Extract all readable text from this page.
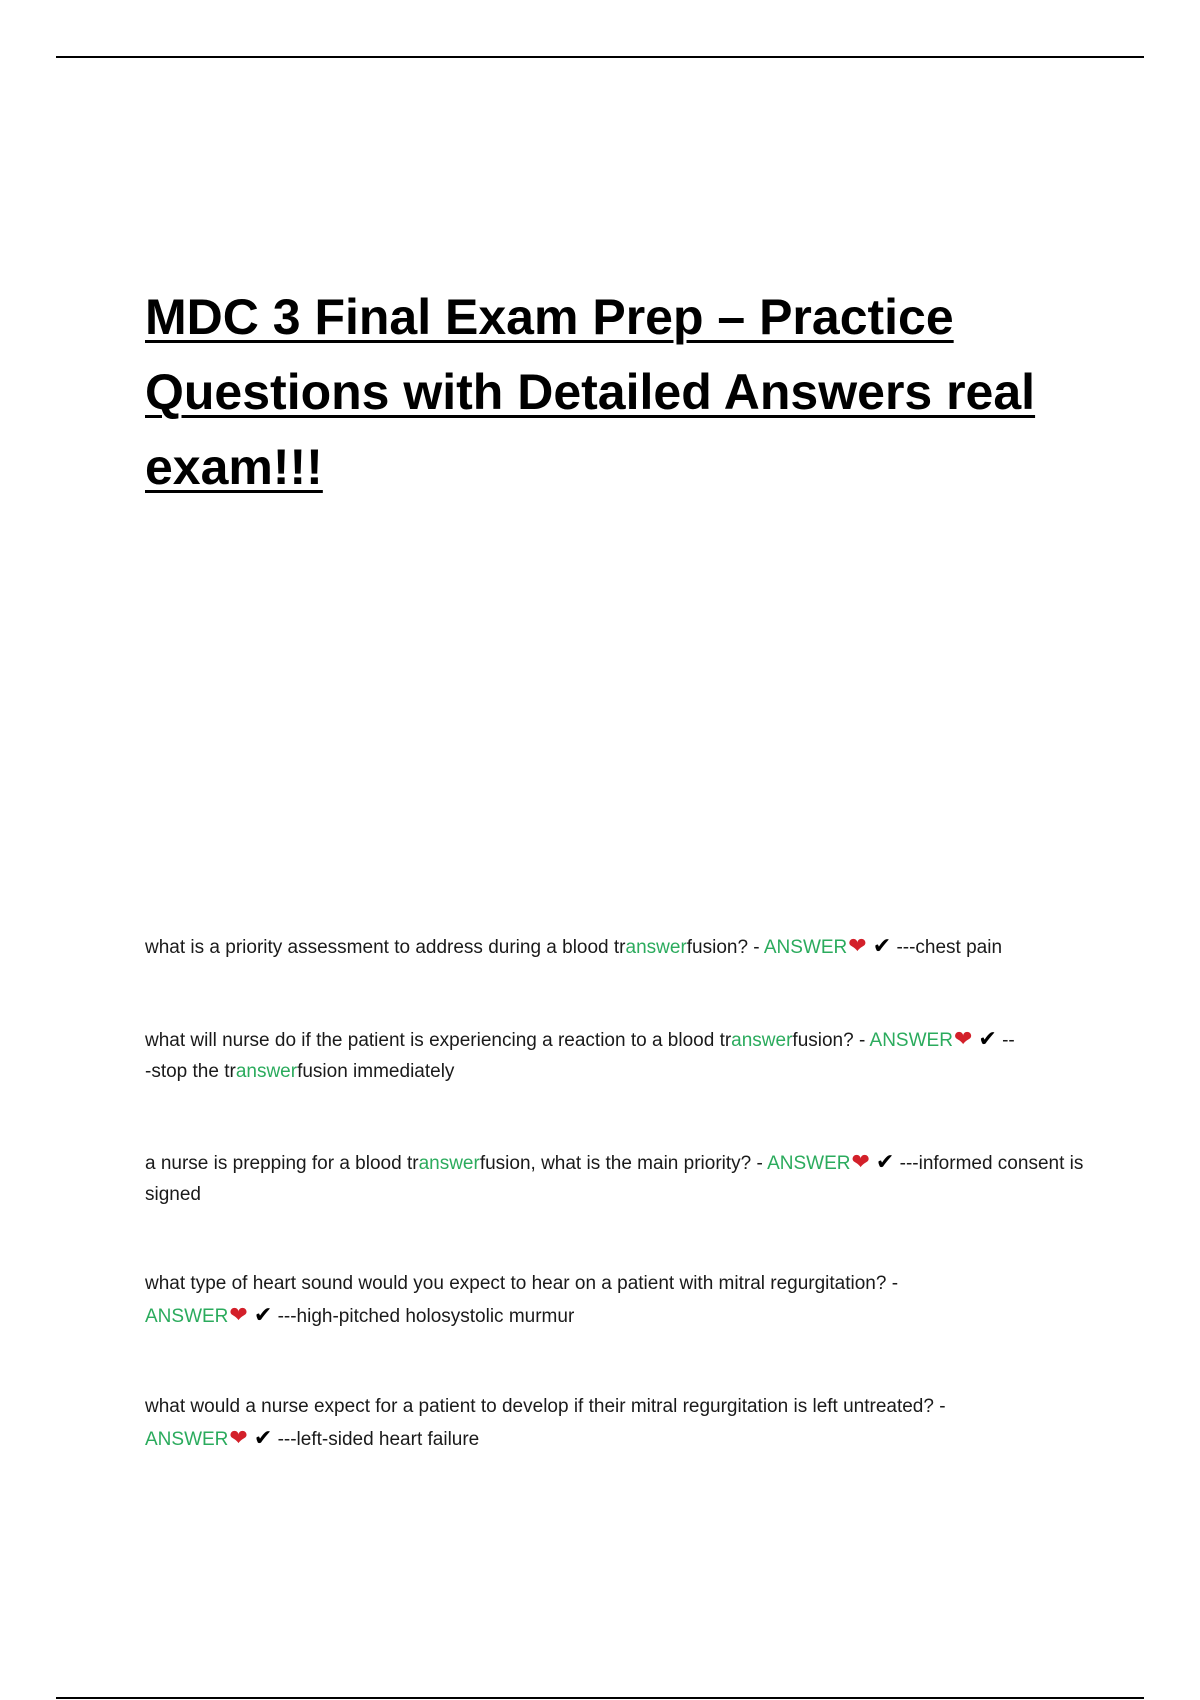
MDC 3 Final Exam Prep – Practice Questions with Detailed Answers real exam!!!
what is a priority assessment to address during a blood transwerfusion? - ANSWER❤ ✔ ---chest pain
what will nurse do if the patient is experiencing a reaction to a blood transwerfusion? - ANSWER❤ ✔ --
-stop the transwerfusion immediately
a nurse is prepping for a blood transwerfusion, what is the main priority? - ANSWER❤ ✔ ---informed consent is signed
what type of heart sound would you expect to hear on a patient with mitral regurgitation? -
ANSWER❤ ✔ ---high-pitched holosystolic murmur
what would a nurse expect for a patient to develop if their mitral regurgitation is left untreated? -
ANSWER❤ ✔ ---left-sided heart failure
